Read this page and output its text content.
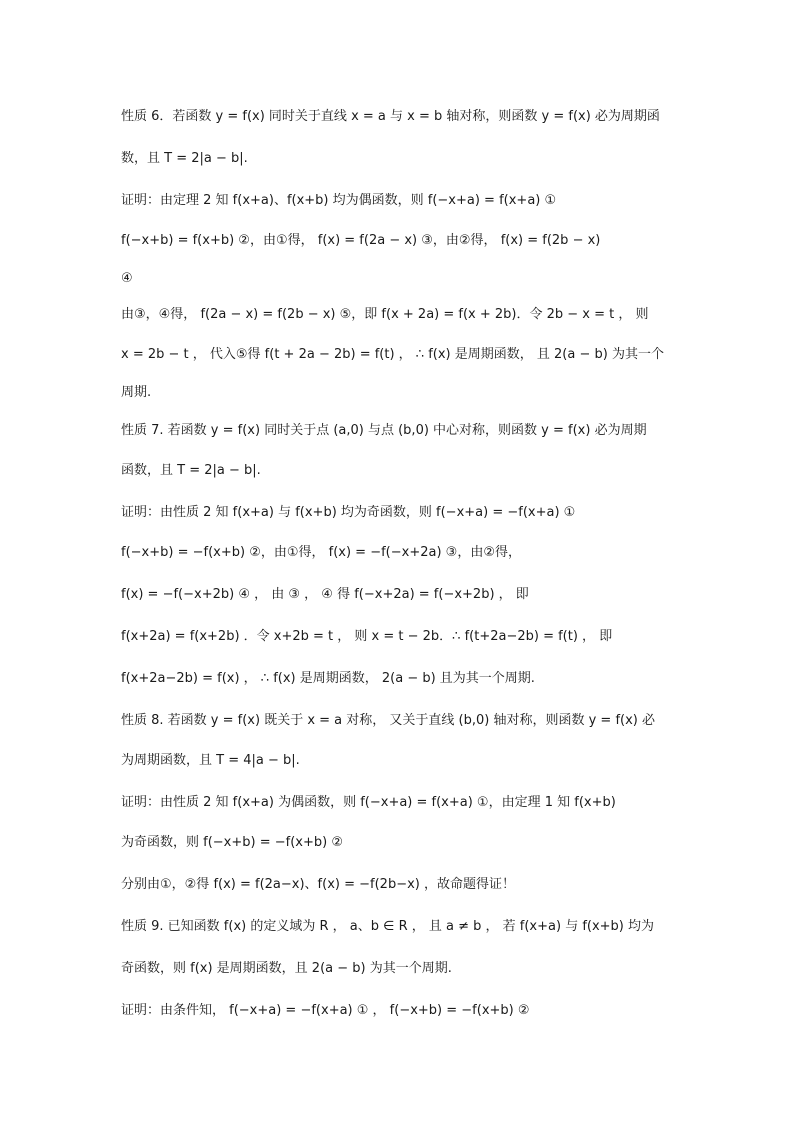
性质 6．若函数 y = f(x) 同时关于直线 x = a 与 x = b 轴对称，则函数 y = f(x) 必为周期函

数，且 T = 2|a − b|.

证明：由定理 2 知 f(x+a)、f(x+b) 均为偶函数，则 f(−x+a) = f(x+a) ①

f(−x+b) = f(x+b) ②，由①得， f(x) = f(2a − x) ③，由②得， f(x) = f(2b − x)

④

由③，④得， f(2a − x) = f(2b − x) ⑤，即 f(x + 2a) = f(x + 2b)．令 2b − x = t ， 则

x = 2b − t ， 代入⑤得 f(t + 2a − 2b) = f(t) ， ∴ f(x) 是周期函数， 且 2(a − b) 为其一个

周期.

性质 7. 若函数 y = f(x) 同时关于点 (a,0) 与点 (b,0) 中心对称，则函数 y = f(x) 必为周期

函数，且 T = 2|a − b|.

证明：由性质 2 知 f(x+a) 与 f(x+b) 均为奇函数，则 f(−x+a) = −f(x+a) ①

f(−x+b) = −f(x+b) ②，由①得， f(x) = −f(−x+2a) ③，由②得，

f(x) = −f(−x+2b) ④ ， 由 ③ ， ④ 得 f(−x+2a) = f(−x+2b) ， 即

f(x+2a) = f(x+2b) ．令 x+2b = t ， 则 x = t − 2b．∴ f(t+2a−2b) = f(t) ， 即

f(x+2a−2b) = f(x) ， ∴ f(x) 是周期函数， 2(a − b) 且为其一个周期.

性质 8. 若函数 y = f(x) 既关于 x = a 对称， 又关于直线 (b,0) 轴对称，则函数 y = f(x) 必

为周期函数，且 T = 4|a − b|.

证明：由性质 2 知 f(x+a) 为偶函数，则 f(−x+a) = f(x+a) ①，由定理 1 知 f(x+b)

为奇函数，则 f(−x+b) = −f(x+b) ②

分别由①，②得 f(x) = f(2a−x)、f(x) = −f(2b−x) ，故命题得证！

性质 9. 已知函数 f(x) 的定义域为 R ， a、b ∈ R ， 且 a ≠ b ， 若 f(x+a) 与 f(x+b) 均为

奇函数，则 f(x) 是周期函数，且 2(a − b) 为其一个周期.

证明：由条件知， f(−x+a) = −f(x+a) ① ， f(−x+b) = −f(x+b) ②
